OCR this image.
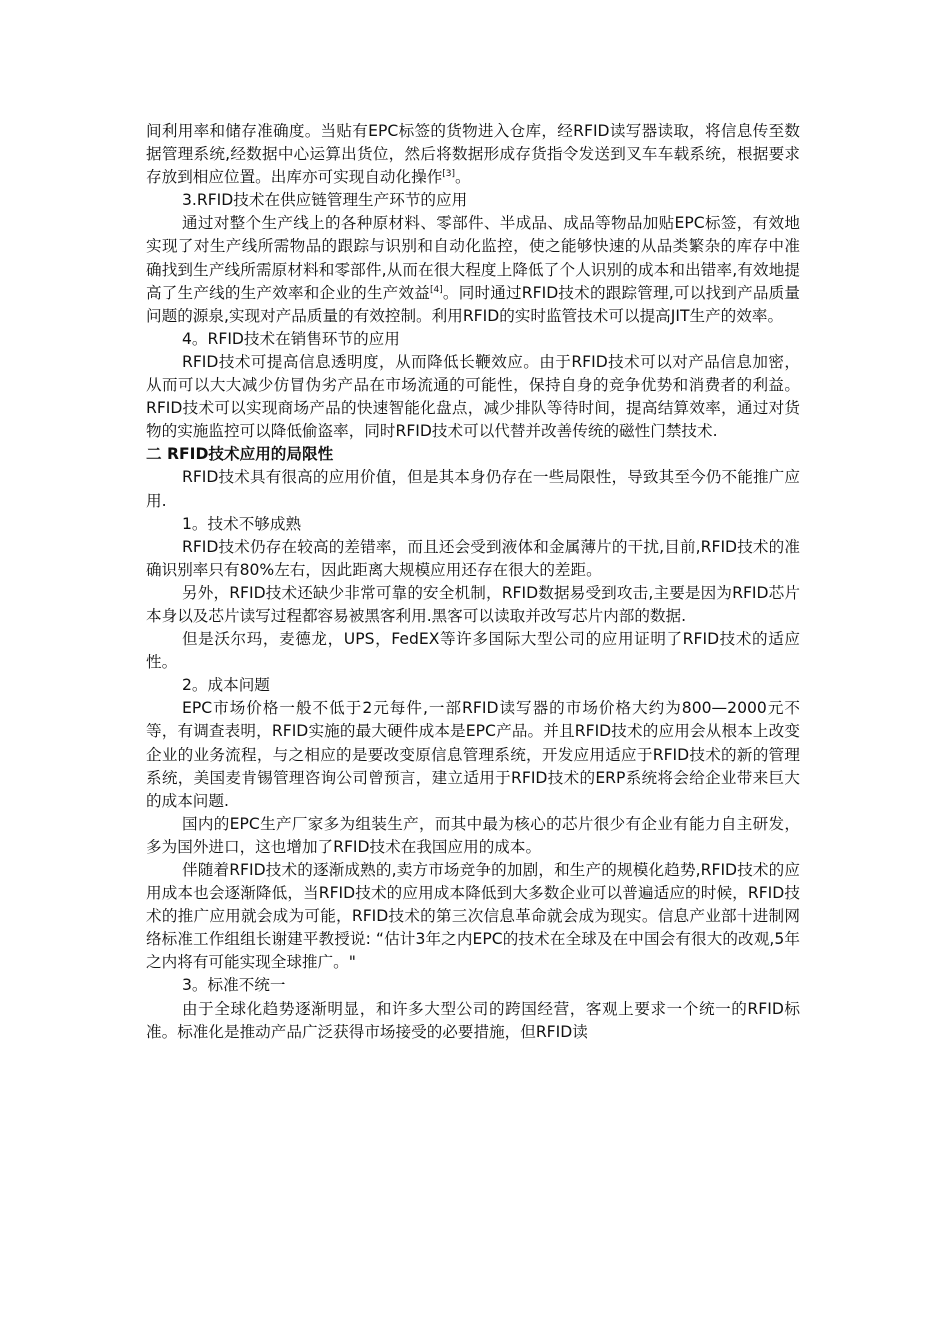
间利用率和储存准确度。当贴有EPC标签的货物进入仓库，经RFID读写器读取，将信息传至数据管理系统,经数据中心运算出货位，然后将数据形成存货指令发送到叉车车载系统，根据要求存放到相应位置。出库亦可实现自动化操作[3]。

3.RFID技术在供应链管理生产环节的应用

通过对整个生产线上的各种原材料、零部件、半成品、成品等物品加贴EPC标签，有效地实现了对生产线所需物品的跟踪与识别和自动化监控，使之能够快速的从品类繁杂的库存中准确找到生产线所需原材料和零部件,从而在很大程度上降低了个人识别的成本和出错率,有效地提高了生产线的生产效率和企业的生产效益[4]。同时通过RFID技术的跟踪管理,可以找到产品质量问题的源泉,实现对产品质量的有效控制。利用RFID的实时监管技术可以提高JIT生产的效率。

4。RFID技术在销售环节的应用

RFID技术可提高信息透明度，从而降低长鞭效应。由于RFID技术可以对产品信息加密，从而可以大大减少仿冒伪劣产品在市场流通的可能性，保持自身的竞争优势和消费者的利益。RFID技术可以实现商场产品的快速智能化盘点，减少排队等待时间，提高结算效率，通过对货物的实施监控可以降低偷盗率，同时RFID技术可以代替并改善传统的磁性门禁技术.

二 RFID技术应用的局限性

RFID技术具有很高的应用价值，但是其本身仍存在一些局限性，导致其至今仍不能推广应用.

1。技术不够成熟

RFID技术仍存在较高的差错率，而且还会受到液体和金属薄片的干扰,目前,RFID技术的准确识别率只有80%左右，因此距离大规模应用还存在很大的差距。

另外，RFID技术还缺少非常可靠的安全机制，RFID数据易受到攻击,主要是因为RFID芯片本身以及芯片读写过程都容易被黑客利用.黑客可以读取并改写芯片内部的数据.

但是沃尔玛，麦德龙，UPS，FedEX等许多国际大型公司的应用证明了RFID技术的适应性。

2。成本问题

EPC市场价格一般不低于2元每件,一部RFID读写器的市场价格大约为800—2000元不等，有调查表明，RFID实施的最大硬件成本是EPC产品。并且RFID技术的应用会从根本上改变企业的业务流程，与之相应的是要改变原信息管理系统，开发应用适应于RFID技术的新的管理系统，美国麦肯锡管理咨询公司曾预言，建立适用于RFID技术的ERP系统将会给企业带来巨大的成本问题.

国内的EPC生产厂家多为组装生产，而其中最为核心的芯片很少有企业有能力自主研发，多为国外进口，这也增加了RFID技术在我国应用的成本。

伴随着RFID技术的逐渐成熟的,卖方市场竞争的加剧，和生产的规模化趋势,RFID技术的应用成本也会逐渐降低，当RFID技术的应用成本降低到大多数企业可以普遍适应的时候，RFID技术的推广应用就会成为可能，RFID技术的第三次信息革命就会成为现实。信息产业部十进制网络标准工作组组长谢建平教授说: “估计3年之内EPC的技术在全球及在中国会有很大的改观,5年之内将有可能实现全球推广。"

3。标准不统一

由于全球化趋势逐渐明显，和许多大型公司的跨国经营，客观上要求一个统一的RFID标准。标准化是推动产品广泛获得市场接受的必要措施，但RFID读
